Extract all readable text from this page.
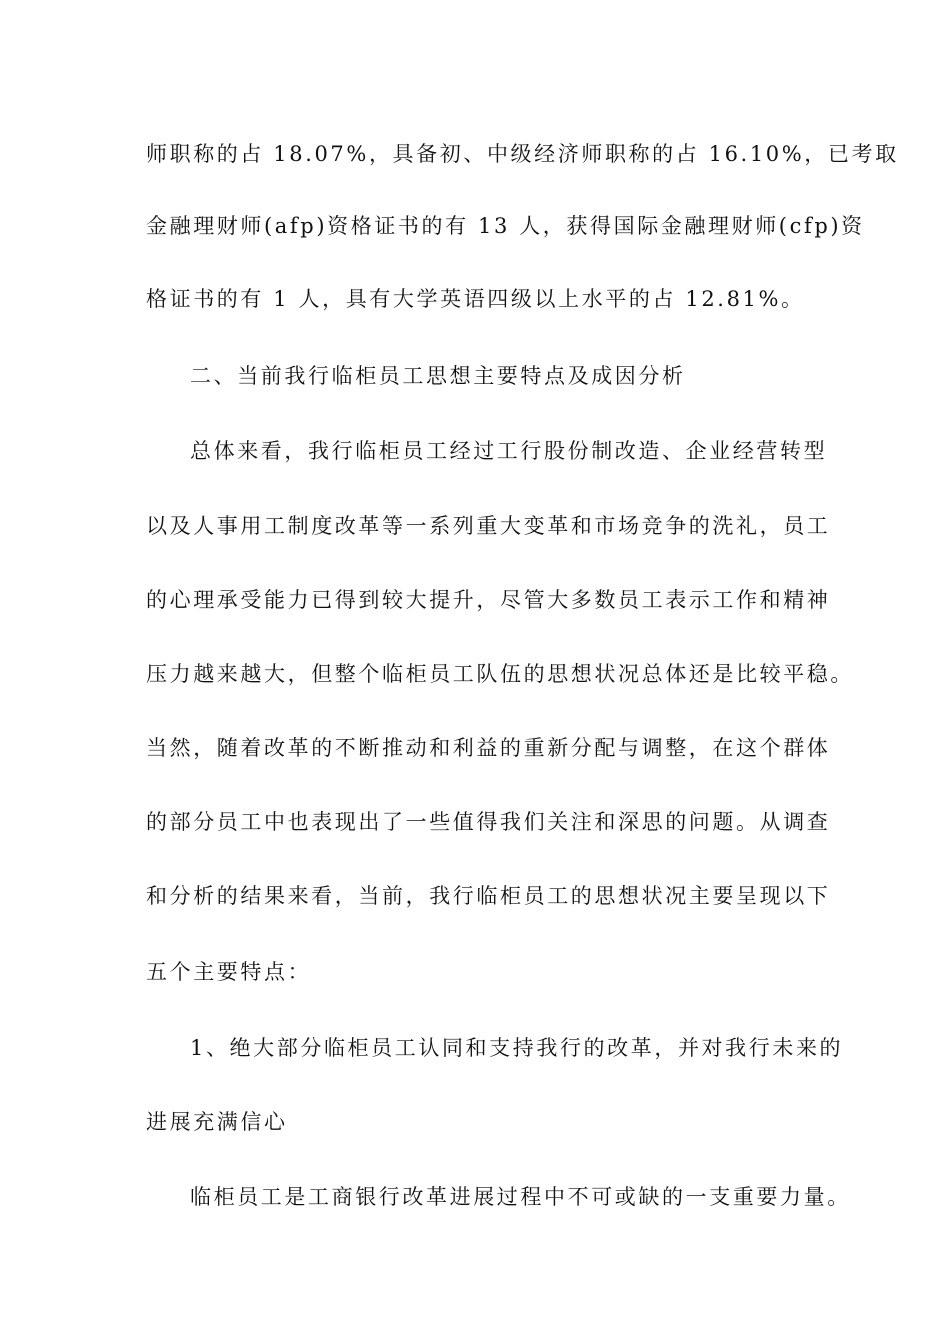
师职称的占 18.07%，具备初、中级经济师职称的占 16.10%，已考取
金融理财师(afp)资格证书的有 13 人，获得国际金融理财师(cfp)资
格证书的有 1 人，具有大学英语四级以上水平的占 12.81%。
二、当前我行临柜员工思想主要特点及成因分析
总体来看，我行临柜员工经过工行股份制改造、企业经营转型
以及人事用工制度改革等一系列重大变革和市场竞争的洗礼，员工
的心理承受能力已得到较大提升，尽管大多数员工表示工作和精神
压力越来越大，但整个临柜员工队伍的思想状况总体还是比较平稳。
当然，随着改革的不断推动和利益的重新分配与调整，在这个群体
的部分员工中也表现出了一些值得我们关注和深思的问题。从调查
和分析的结果来看，当前，我行临柜员工的思想状况主要呈现以下
五个主要特点：
1、绝大部分临柜员工认同和支持我行的改革，并对我行未来的
进展充满信心
临柜员工是工商银行改革进展过程中不可或缺的一支重要力量。
